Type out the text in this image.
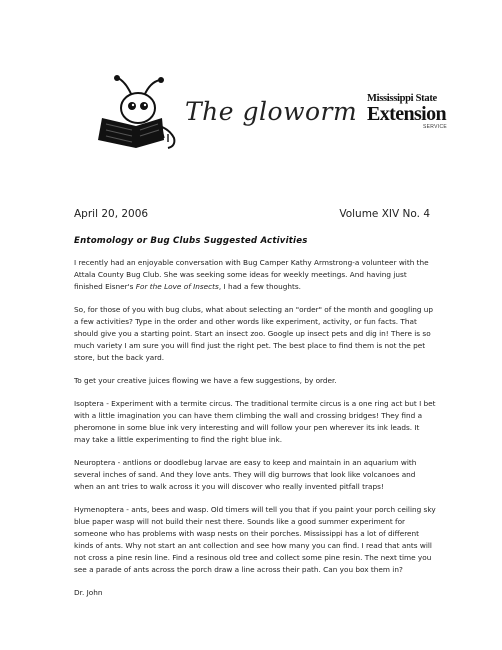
The gloworm Mississippi State
Extension
SERVICE
April 20, 2006	Volume XIV No. 4
Entomology or Bug Clubs Suggested Activities

I recently had an enjoyable conversation with Bug Camper Kathy Armstrong-a volunteer with the Attala County Bug Club. She was seeking some ideas for weekly meetings. And having just finished Eisner's For the Love of Insects, I had a few thoughts.

So, for those of you with bug clubs, what about selecting an "order" of the month and googling up a few activities? Type in the order and other words like experiment, activity, or fun facts. That should give you a starting point. Start an insect zoo. Google up insect pets and dig in! There is so much variety I am sure you will find just the right pet. The best place to find them is not the pet store, but the back yard.

To get your creative juices flowing we have a few suggestions, by order.

Isoptera - Experiment with a termite circus. The traditional termite circus is a one ring act but I bet with a little imagination you can have them climbing the wall and crossing bridges! They find a pheromone in some blue ink very interesting and will follow your pen wherever its ink leads. It may take a little experimenting to find the right blue ink.

Neuroptera - antlions or doodlebug larvae are easy to keep and maintain in an aquarium with several inches of sand. And they love ants. They will dig burrows that look like volcanoes and when an ant tries to walk across it you will discover who really invented pitfall traps!

Hymenoptera - ants, bees and wasp. Old timers will tell you that if you paint your porch ceiling sky blue paper wasp will not build their nest there. Sounds like a good summer experiment for someone who has problems with wasp nests on their porches. Mississippi has a lot of different kinds of ants. Why not start an ant collection and see how many you can find. I read that ants will not cross a pine resin line. Find a resinous old tree and collect some pine resin. The next time you see a parade of ants across the porch draw a line across their path. Can you box them in?

Dr. John
